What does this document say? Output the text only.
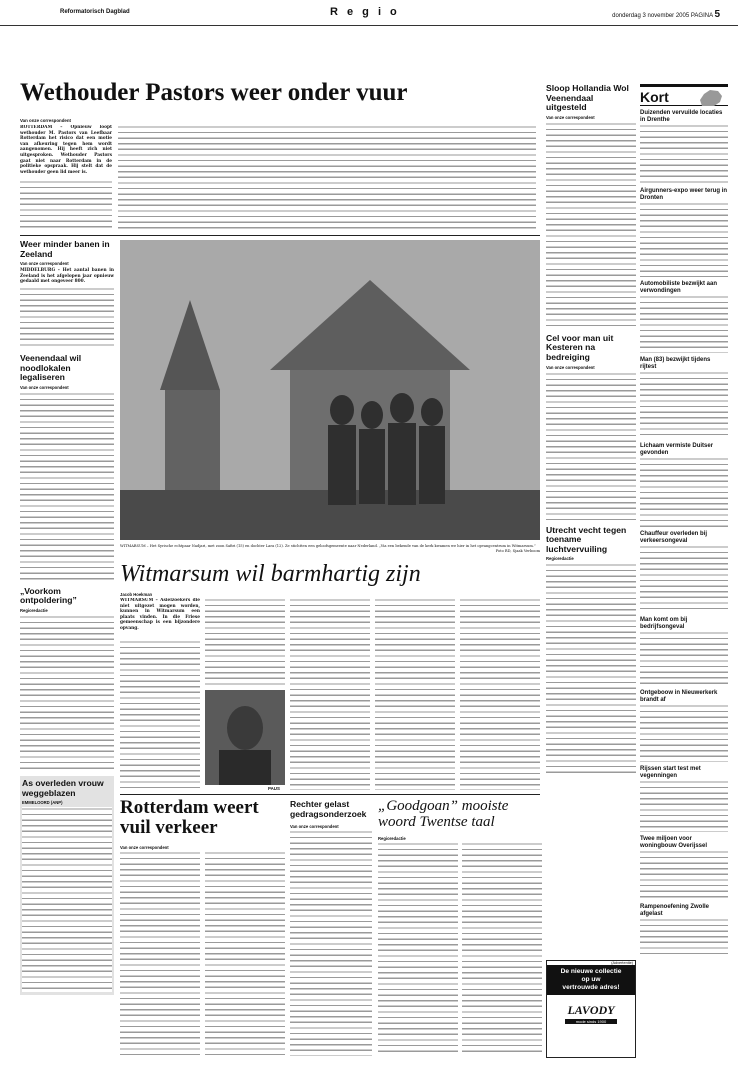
Reformatorisch Dagblad	R e g i o	donderdag 3 november 2005 PAGINA 5
Wethouder Pastors weer onder vuur
Van onze correspondent
ROTTERDAM – Opnieuw loopt wethouder M. Pastors van Leefbaar Rotterdam het risico dat een motie van afkeuring tegen hem wordt aangenomen. Hij heeft zich niet uitgesproken. Wethouder Pastors gaat niet naar Rotterdam in de politieke opspraak. Hij stelt dat de wethouder geen lid meer is.
Weer minder banen in Zeeland
Van onze correspondent
MIDDELBURG – Het aantal banen in Zeeland is het afgelopen jaar opnieuw gedaald met ongeveer 800.
Veenendaal wil noodlokalen legaliseren
Van onze correspondent
„Voorkom ontpoldering”
Regioredactie
As overleden vrouw weggeblazen
EMMELOORD (ANP)
WITMARSUM – Het Syrische echtpaar Nadjari, met zoon Safiri (15) en dochter Lara (12). Ze stichtten een geloofsgemeente naar Nederland. „Via een bekende van de kerk kwamen we hier in het opvangcentrum in Witmarsum.”
Foto RD, Sjaak Verboom
Witmarsum wil barmhartig zijn
Jacob Hoekman
WITMARSUM – Asielzoekers die niet uitgezet mogen worden, kunnen in Witmarsum een plaats vinden. In die Friese gemeenschap is een bijzondere opvang.
PAUS
Rotterdam weert vuil verkeer
Van onze correspondent
Rechter gelast gedragsonderzoek
Van onze correspondent
„Goodgoan” mooiste woord Twentse taal
Regioredactie
Sloop Hollandia Wol Veenendaal uitgesteld
Van onze correspondent
Cel voor man uit Kesteren na bedreiging
Van onze correspondent
Utrecht vecht tegen toename luchtvervuiling
Regioredactie
(Advertentie)
De nieuwe collectie
op uw
vertrouwde adres!
LAVODY
mode sinds 1900
Kort
Duizenden vervuilde locaties in Drenthe
Airgunners-expo weer terug in Dronten
Automobiliste bezwijkt aan verwondingen
Man (83) bezwijkt tijdens rijtest
Lichaam vermiste Duitser gevonden
Chauffeur overleden bij verkeersongeval
Man komt om bij bedrijfsongeval
Ontgeboow in Nieuwerkerk brandt af
Rijssen start test met vegenningen
Twee miljoen voor woningbouw Overijssel
Rampenoefening Zwolle afgelast
